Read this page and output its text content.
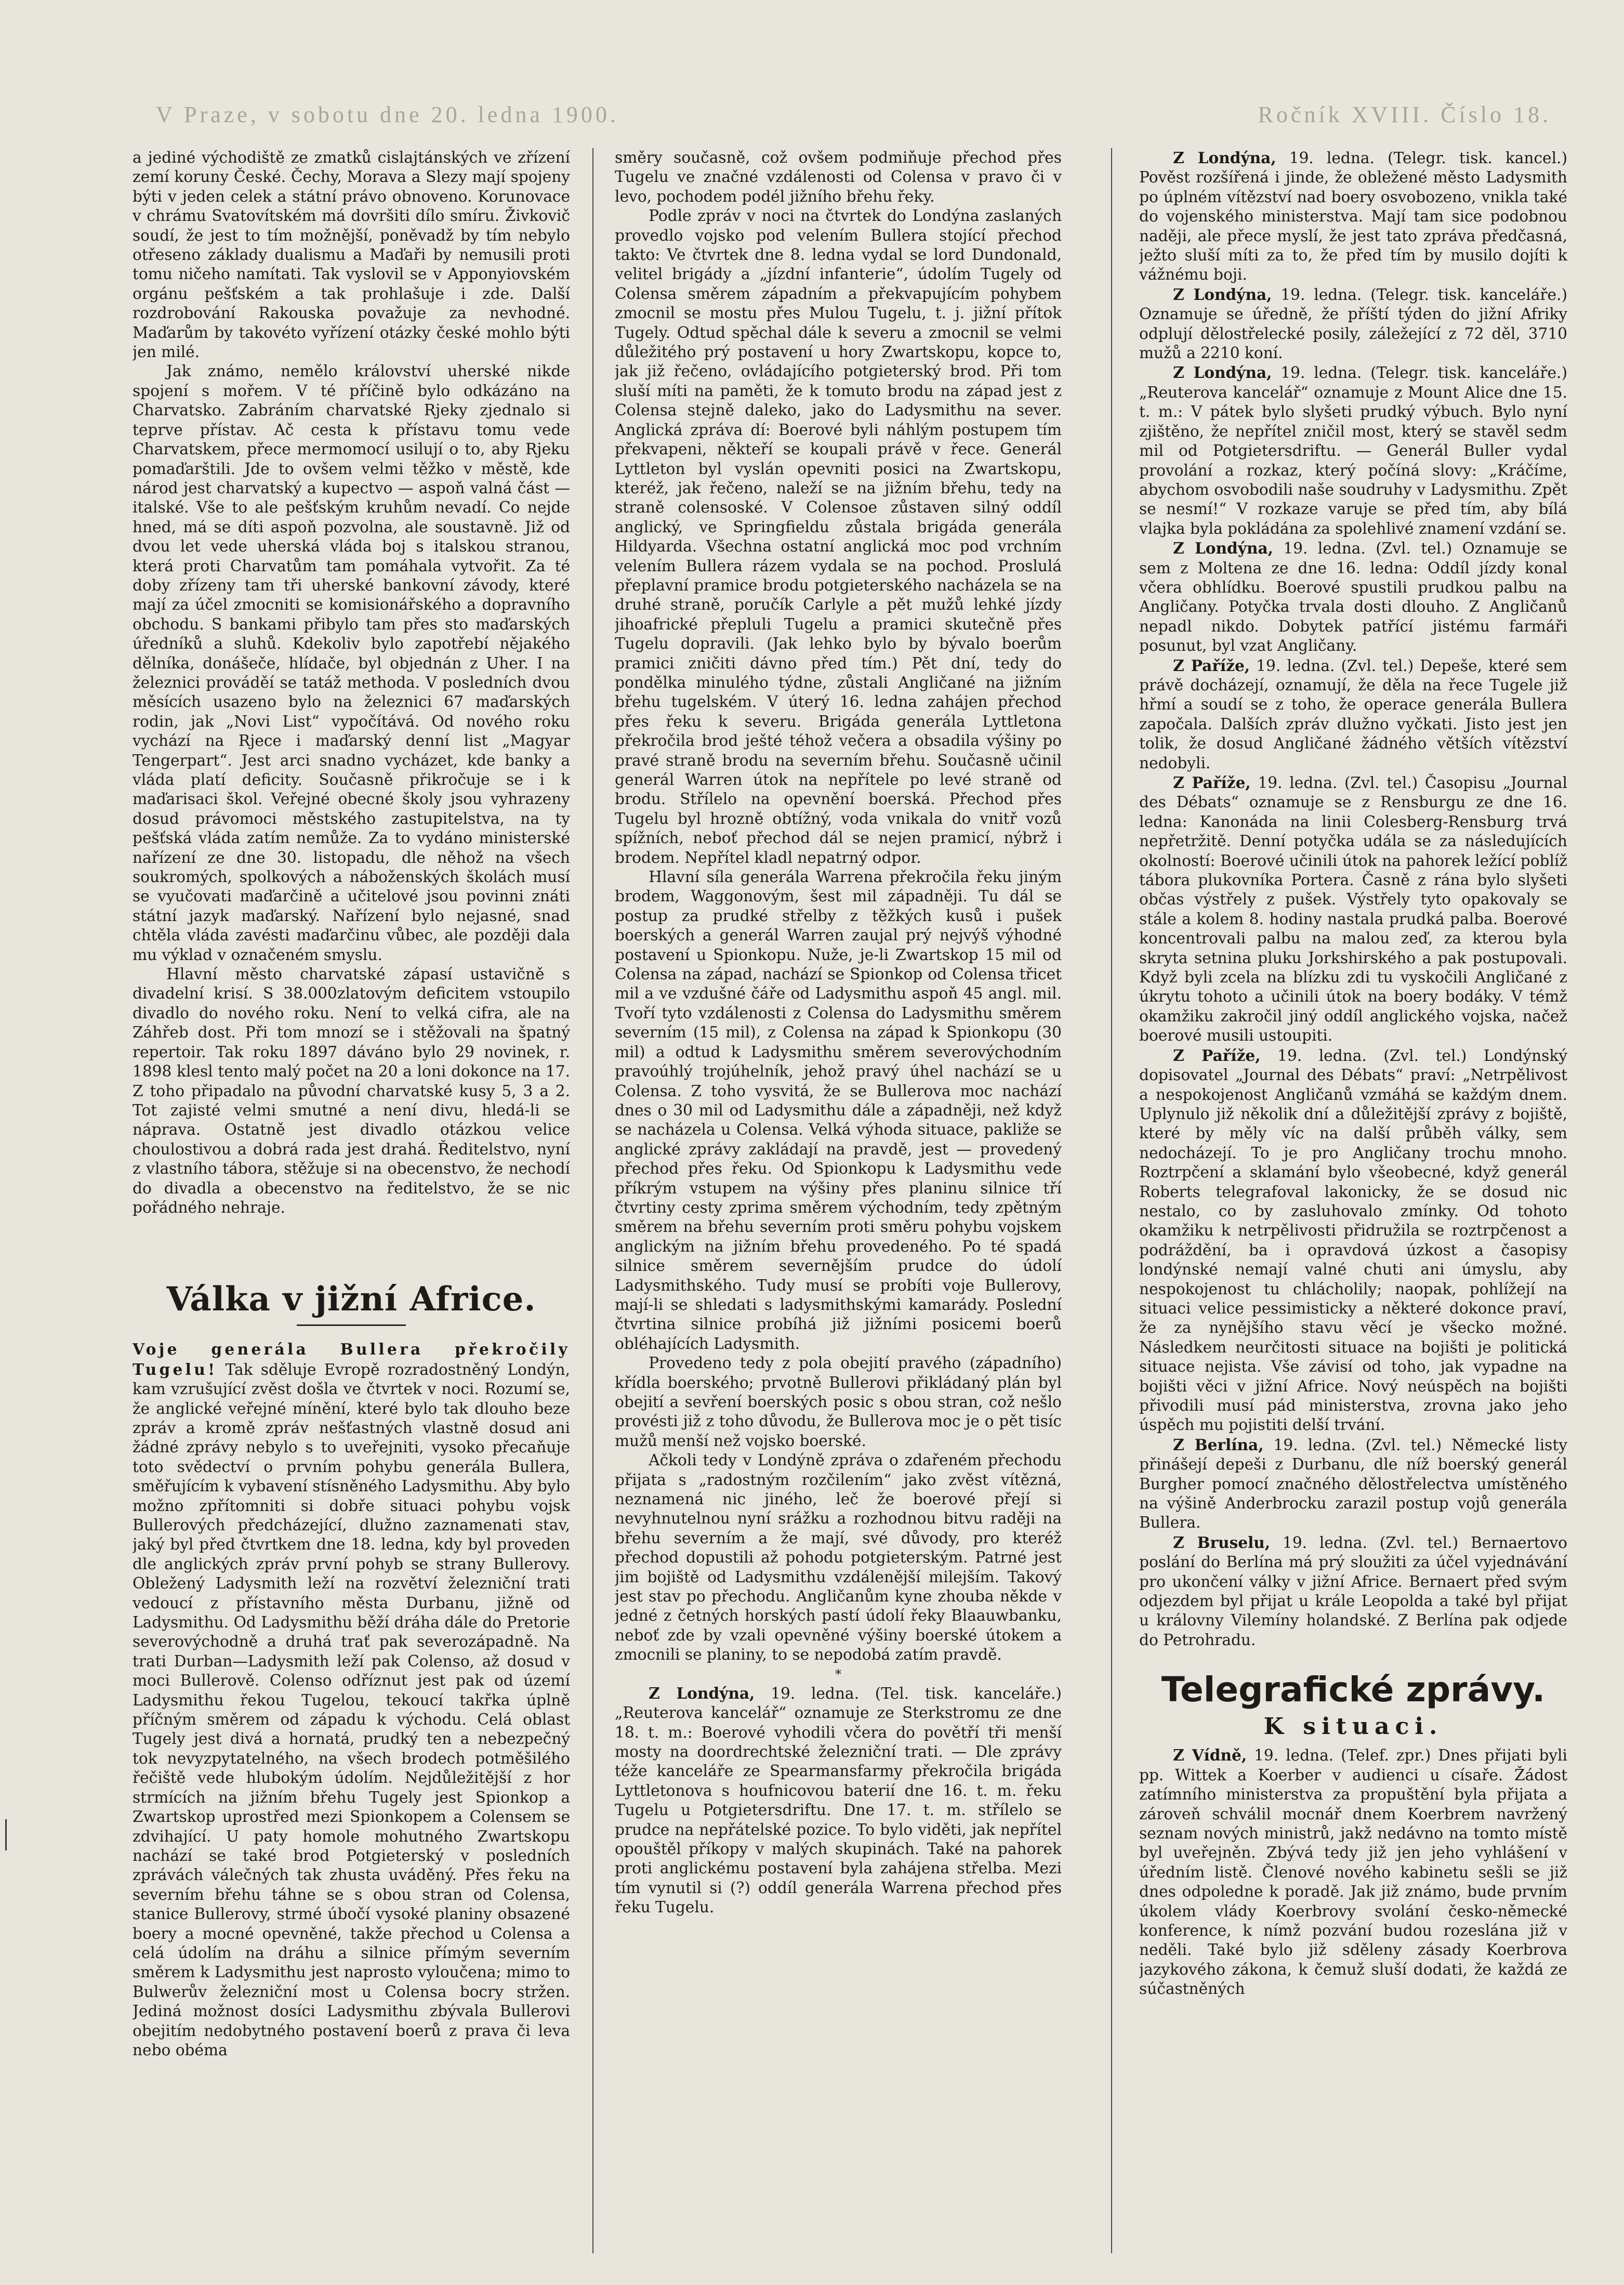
V Praze, v sobotu dne 20. ledna 1900.	Ročník XVIII. Číslo 18.

a jediné východiště ze zmatků cislajtánských ve zřízení zemí koruny České. Čechy, Morava a Slezy mají spojeny býti v jeden celek a státní právo obnoveno. Korunovace v chrámu Svatovítském má dovršiti dílo smíru. Živkovič soudí, že jest to tím možnější, poněvadž by tím nebylo otřeseno základy dualismu a Maďaři by nemusili proti tomu ničeho namítati. Tak vyslovil se v Apponyiovském orgánu pešťském a tak prohlašuje i zde. Další rozdrobování Rakouska považuje za nevhodné. Maďarům by takovéto vyřízení otázky české mohlo býti jen milé.

Jak známo, nemělo království uherské nikde spojení s mořem. V té příčině bylo odkázáno na Charvatsko. Zabráním charvatské Rjeky zjednalo si teprve přístav. Ač cesta k přístavu tomu vede Charvatskem, přece mermomocí usilují o to, aby Rjeku pomaďarštili. Jde to ovšem velmi těžko v městě, kde národ jest charvatský a kupectvo — aspoň valná část — italské. Vše to ale pešťským kruhům nevadí. Co nejde hned, má se díti aspoň pozvolna, ale soustavně. Již od dvou let vede uherská vláda boj s italskou stranou, která proti Charvatům tam pomáhala vytvořit. Za té doby zřízeny tam tři uherské bankovní závody, které mají za účel zmocniti se komisionářského a dopravního obchodu. S bankami přibylo tam přes sto maďarských úředníků a sluhů. Kdekoliv bylo zapotřebí nějakého dělníka, donášeče, hlídače, byl objednán z Uher. I na železnici prováděí se tatáž methoda. V posledních dvou měsících usazeno bylo na železnici 67 maďarských rodin, jak „Novi List“ vypočítává. Od nového roku vychází na Rjece i maďarský denní list „Magyar Tengerpart“. Jest arci snadno vycházet, kde banky a vláda platí deficity. Současně přikročuje se i k maďarisaci škol. Veřejné obecné školy jsou vyhrazeny dosud právomoci městského zastupitelstva, na ty pešťská vláda zatím nemůže. Za to vydáno ministerské nařízení ze dne 30. listopadu, dle něhož na všech soukromých, spolkových a náboženských školách musí se vyučovati maďarčině a učitelové jsou povinni znáti státní jazyk maďarský. Nařízení bylo nejasné, snad chtěla vláda zavésti maďarčinu vůbec, ale později dala mu výklad v označeném smyslu.

Hlavní město charvatské zápasí ustavičně s divadelní krisí. S 38.000zlatovým deficitem vstoupilo divadlo do nového roku. Není to velká cifra, ale na Záhřeb dost. Při tom mnozí se i stěžovali na špatný repertoir. Tak roku 1897 dáváno bylo 29 novinek, r. 1898 klesl tento malý počet na 20 a loni dokonce na 17. Z toho připadalo na původní charvatské kusy 5, 3 a 2. Tot zajisté velmi smutné a není divu, hledá-li se náprava. Ostatně jest divadlo otázkou velice choulostivou a dobrá rada jest drahá. Ředitelstvo, nyní z vlastního tábora, stěžuje si na obecenstvo, že nechodí do divadla a obecenstvo na ředitelstvo, že se nic pořádného nehraje.

Válka v jižní Africe.

Voje generála Bullera překročily Tugelu! Tak sděluje Evropě rozradostněný Londýn, kam vzrušující zvěst došla ve čtvrtek v noci. Rozumí se, že anglické veřejné mínění, které bylo tak dlouho beze zpráv a kromě zpráv nešťastných vlastně dosud ani žádné zprávy nebylo s to uveřejniti, vysoko přecaňuje toto svědectví o prvním pohybu generála Bullera, směřujícím k vybavení stísněného Ladysmithu. Aby bylo možno zpřítomniti si dobře situaci pohybu vojsk Bullerových předcházející, dlužno zaznamenati stav, jaký byl před čtvrtkem dne 18. ledna, kdy byl proveden dle anglických zpráv první pohyb se strany Bullerovy. Obležený Ladysmith leží na rozvětví železniční trati vedoucí z přístavního města Durbanu, jižně od Ladysmithu. Od Ladysmithu běží dráha dále do Pretorie severovýchodně a druhá trať pak severozápadně. Na trati Durban—Ladysmith leží pak Colenso, až dosud v moci Bullerově. Colenso odříznut jest pak od území Ladysmithu řekou Tugelou, tekoucí takřka úplně příčným směrem od západu k východu. Celá oblast Tugely jest divá a hornatá, prudký ten a nebezpečný tok nevyzpytatelného, na všech brodech potměšilého řečiště vede hlubokým údolím. Nejdůležitější z hor strmících na jižním břehu Tugely jest Spionkop a Zwartskop uprostřed mezi Spionkopem a Colensem se zdvihající. U paty homole mohutného Zwartskopu nachází se také brod Potgieterský v posledních zprávách válečných tak zhusta uváděný. Přes řeku na severním břehu táhne se s obou stran od Colensa, stanice Bullerovy, strmé úbočí vysoké planiny obsazené boery a mocné opevněné, takže přechod u Colensa a celá údolím na dráhu a silnice přímým severním směrem k Ladysmithu jest naprosto vyloučena; mimo to Bulwerův železniční most u Colensa bocry stržen. Jediná možnost dosíci Ladysmithu zbývala Bullerovi obejitím nedobytného postavení boerů z prava či leva nebo obéma

směry současně, což ovšem podmiňuje přechod přes Tugelu ve značné vzdálenosti od Colensa v pravo či v levo, pochodem podél jižního břehu řeky.

Podle zpráv v noci na čtvrtek do Londýna zaslaných provedlo vojsko pod velením Bullera stojící přechod takto: Ve čtvrtek dne 8. ledna vydal se lord Dundonald, velitel brigády a „jízdní infanterie“, údolím Tugely od Colensa směrem západním a překvapujícím pohybem zmocnil se mostu přes Mulou Tugelu, t. j. jižní přítok Tugely. Odtud spěchal dále k severu a zmocnil se velmi důležitého prý postavení u hory Zwartskopu, kopce to, jak již řečeno, ovládajícího potgieterský brod. Při tom sluší míti na paměti, že k tomuto brodu na západ jest z Colensa stejně daleko, jako do Ladysmithu na sever. Anglická zpráva dí: Boerové byli náhlým postupem tím překvapeni, někteří se koupali právě v řece. Generál Lyttleton byl vyslán opevniti posici na Zwartskopu, kteréž, jak řečeno, naleží se na jižním břehu, tedy na straně colensoské. V Colensoe zůstaven silný oddíl anglický, ve Springfieldu zůstala brigáda generála Hildyarda. Všechna ostatní anglická moc pod vrchním velením Bullera rázem vydala se na pochod. Proslulá přeplavní pramice brodu potgieterského nacházela se na druhé straně, poručík Carlyle a pět mužů lehké jízdy jihoafrické přepluli Tugelu a pramici skutečně přes Tugelu dopravili. (Jak lehko bylo by bývalo boerům pramici zničiti dávno před tím.) Pět dní, tedy do pondělka minulého týdne, zůstali Angličané na jižním břehu tugelském. V úterý 16. ledna zahájen přechod přes řeku k severu. Brigáda generála Lyttletona překročila brod ješté téhož večera a obsadila výšiny po pravé straně brodu na severním břehu. Současně učinil generál Warren útok na nepřítele po levé straně od brodu. Střílelo na opevnění boerská. Přechod přes Tugelu byl hrozně obtížný, voda vnikala do vnitř vozů spížních, neboť přechod dál se nejen pramicí, nýbrž i brodem. Nepřítel kladl nepatrný odpor.

Hlavní síla generála Warrena překročila řeku jiným brodem, Waggonovým, šest mil západněji. Tu dál se postup za prudké střelby z těžkých kusů i pušek boerských a generál Warren zaujal prý nejvýš výhodné postavení u Spionkopu. Nuže, je-li Zwartskop 15 mil od Colensa na západ, nachází se Spionkop od Colensa třicet mil a ve vzdušné čáře od Ladysmithu aspoň 45 angl. mil. Tvoří tyto vzdálenosti z Colensa do Ladysmithu směrem severním (15 mil), z Colensa na západ k Spionkopu (30 mil) a odtud k Ladysmithu směrem severovýchodním pravoúhlý trojúhelník, jehož pravý úhel nachází se u Colensa. Z toho vysvitá, že se Bullerova moc nachází dnes o 30 mil od Ladysmithu dále a západněji, než když se nacházela u Colensa. Velká výhoda situace, pakliže se anglické zprávy zakládají na pravdě, jest — provedený přechod přes řeku. Od Spionkopu k Ladysmithu vede příkrým vstupem na výšiny přes planinu silnice tří čtvrtiny cesty zprima směrem východním, tedy zpětným směrem na břehu severním proti směru pohybu vojskem anglickým na jižním břehu provedeného. Po té spadá silnice směrem severnějším prudce do údolí Ladysmithského. Tudy musí se probíti voje Bullerovy, mají-li se shledati s ladysmithskými kamarády. Poslední čtvrtina silnice probíhá již jižními posicemi boerů obléhajících Ladysmith.

Provedeno tedy z pola obejití pravého (západního) křídla boerského; prvotně Bullerovi přikládaný plán byl obejití a sevření boerských posic s obou stran, což nešlo provésti již z toho důvodu, že Bullerova moc je o pět tisíc mužů menší než vojsko boerské.

Ačkoli tedy v Londýně zpráva o zdařeném přechodu přijata s „radostným rozčilením“ jako zvěst vítězná, neznamená nic jiného, leč že boerové přejí si nevyhnutelnou nyní srážku a rozhodnou bitvu raději na břehu severním a že mají, své důvody, pro kteréž přechod dopustili až pohodu potgieterským. Patrné jest jim bojiště od Ladysmithu vzdálenější milejším. Takový jest stav po přechodu. Angličanům kyne zhouba někde v jedné z četných horských pastí údolí řeky Blaauwbanku, neboť zde by vzali opevněné výšiny boerské útokem a zmocnili se planiny, to se nepodobá zatím pravdě.

*

Z Londýna, 19. ledna. (Tel. tisk. kanceláře.) „Reuterova kancelář“ oznamuje ze Sterkstromu ze dne 18. t. m.: Boerové vyhodili včera do povětří tři menší mosty na doordrechtské železniční trati. — Dle zprávy téže kanceláře ze Spearmansfarmy překročila brigáda Lyttletonova s houfnicovou baterií dne 16. t. m. řeku Tugelu u Potgietersdriftu. Dne 17. t. m. střílelo se prudce na nepřátelské pozice. To bylo viděti, jak nepřítel opouštěl příkopy v malých skupinách. Také na pahorek proti anglickému postavení byla zahájena střelba. Mezi tím vynutil si (?) oddíl generála Warrena přechod přes řeku Tugelu.

Z Londýna, 19. ledna. (Telegr. tisk. kancel.) Pověst rozšířená i jinde, že obležené město Ladysmith po úplném vítězství nad boery osvobozeno, vnikla také do vojenského ministerstva. Mají tam sice podobnou naději, ale přece myslí, že jest tato zpráva předčasná, ježto sluší míti za to, že před tím by musilo dojíti k vážnému boji.

Z Londýna, 19. ledna. (Telegr. tisk. kanceláře.) Oznamuje se úředně, že příští týden do jižní Afriky odplují dělostřelecké posily, záležející z 72 děl, 3710 mužů a 2210 koní.

Z Londýna, 19. ledna. (Telegr. tisk. kanceláře.) „Reuterova kancelář“ oznamuje z Mount Alice dne 15. t. m.: V pátek bylo slyšeti prudký výbuch. Bylo nyní zjištěno, že nepřítel zničil most, který se stavěl sedm mil od Potgietersdriftu. — Generál Buller vydal provolání a rozkaz, který počíná slovy: „Kráčíme, abychom osvobodili naše soudruhy v Ladysmithu. Zpět se nesmí!“ V rozkaze varuje se před tím, aby bílá vlajka byla pokládána za spolehlivé znamení vzdání se.

Z Londýna, 19. ledna. (Zvl. tel.) Oznamuje se sem z Moltena ze dne 16. ledna: Oddíl jízdy konal včera obhlídku. Boerové spustili prudkou palbu na Angličany. Potyčka trvala dosti dlouho. Z Angličanů nepadl nikdo. Dobytek patřící jistému farmáři posunut, byl vzat Angličany.

Z Paříže, 19. ledna. (Zvl. tel.) Depeše, které sem právě docházejí, oznamují, že děla na řece Tugele již hřmí a soudí se z toho, že operace generála Bullera započala. Dalších zpráv dlužno vyčkati. Jisto jest jen tolik, že dosud Angličané žádného větších vítězství nedobyli.

Z Paříže, 19. ledna. (Zvl. tel.) Časopisu „Journal des Débats“ oznamuje se z Rensburgu ze dne 16. ledna: Kanonáda na linii Colesberg-Rensburg trvá nepřetržitě. Denní potyčka udála se za následujících okolností: Boerové učinili útok na pahorek ležící poblíž tábora plukovníka Portera. Časně z rána bylo slyšeti občas výstřely z pušek. Výstřely tyto opakovaly se stále a kolem 8. hodiny nastala prudká palba. Boerové koncentrovali palbu na malou zeď, za kterou byla skryta setnina pluku Jorkshirského a pak postupovali. Když byli zcela na blízku zdi tu vyskočili Angličané z úkrytu tohoto a učinili útok na boery bodáky. V témž okamžiku zakročil jiný oddíl anglického vojska, načež boerové musili ustoupiti.

Z Paříže, 19. ledna. (Zvl. tel.) Londýnský dopisovatel „Journal des Débats“ praví: „Netrpělivost a nespokojenost Angličanů vzmáhá se každým dnem. Uplynulo již několik dní a důležitější zprávy z bojiště, které by měly víc na další průběh války, sem nedocházejí. To je pro Angličany trochu mnoho. Roztrpčení a sklamání bylo všeobecné, když generál Roberts telegrafoval lakonicky, že se dosud nic nestalo, co by zasluhovalo zmínky. Od tohoto okamžiku k netrpělivosti přidružila se roztrpčenost a podráždění, ba i opravdová úzkost a časopisy londýnské nemají valné chuti ani úmyslu, aby nespokojenost tu chlácholily; naopak, pohlížejí na situaci velice pessimisticky a některé dokonce praví, že za nynějšího stavu věcí je všecko možné. Následkem neurčitosti situace na bojišti je politická situace nejista. Vše závisí od toho, jak vypadne na bojišti věci v jižní Africe. Nový neúspěch na bojišti přivodili musí pád ministerstva, zrovna jako jeho úspěch mu pojistiti delší trvání.

Z Berlína, 19. ledna. (Zvl. tel.) Německé listy přinášejí depeši z Durbanu, dle níž boerský generál Burgher pomocí značného dělostřelectva umístěného na výšině Anderbrocku zarazil postup vojů generála Bullera.

Z Bruselu, 19. ledna. (Zvl. tel.) Bernaertovo poslání do Berlína má prý sloužiti za účel vyjednávání pro ukončení války v jižní Africe. Bernaert před svým odjezdem byl přijat u krále Leopolda a také byl přijat u královny Vilemíny holandské. Z Berlína pak odjede do Petrohradu.

Telegrafické zprávy.
K situaci.

Z Vídně, 19. ledna. (Telef. zpr.) Dnes přijati byli pp. Wittek a Koerber v audienci u císaře. Žádost zatímního ministerstva za propuštění byla přijata a zároveň schválil mocnář dnem Koerbrem navržený seznam nových ministrů, jakž nedávno na tomto místě byl uveřejněn. Zbývá tedy již jen jeho vyhlášení v úředním listě. Členové nového kabinetu sešli se již dnes odpoledne k poradě. Jak již známo, bude prvním úkolem vlády Koerbrovy svolání česko-německé konference, k nímž pozvání budou rozeslána již v neděli. Také bylo již sděleny zásady Koerbrova jazykového zákona, k čemuž sluší dodati, že každá ze súčastněných
